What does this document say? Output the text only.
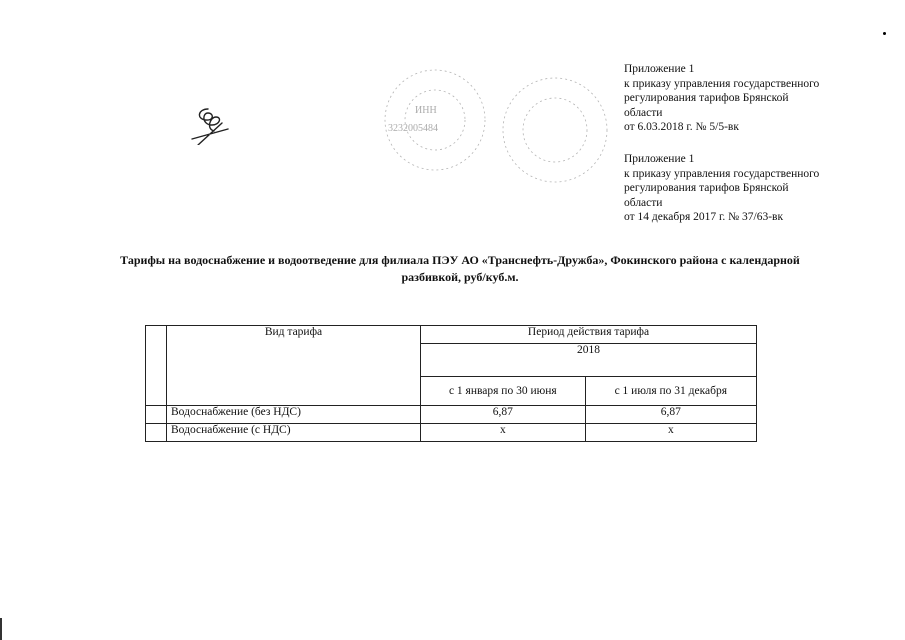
Приложение 1
к приказу управления государственного
регулирования тарифов Брянской
области
от 6.03.2018 г. № 5/5-вк
Приложение 1
к приказу управления государственного
регулирования тарифов Брянской
области
от 14 декабря 2017 г. № 37/63-вк
ИНН
3232005484
Тарифы на водоснабжение и водоотведение для филиала ПЭУ АО «Транснефть-Дружба», Фокинского района с календарной
разбивкой, руб/куб.м.
	Вид тарифа	Период действия тарифа	
		2018	
		с 1 января по 30 июня	с 1 июля по 31 декабря
	Водоснабжение (без НДС)	6,87	6,87
	Водоснабжение (с НДС)	х	х
